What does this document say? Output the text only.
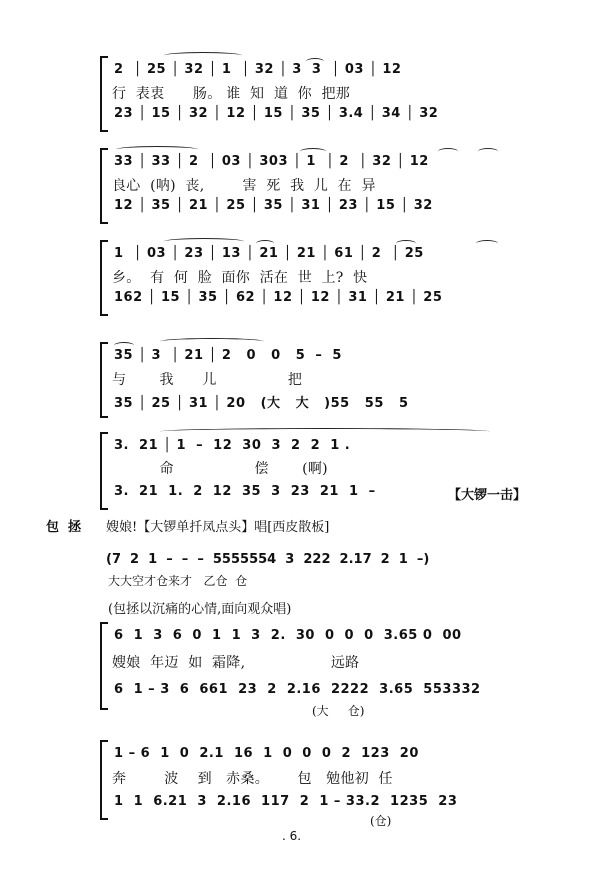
2  │ 25 │ 32 │ 1  │ 32 │ 3  3  │ 03 │ 12
行  表衷      肠。 谁  知  道  你  把那
23 │ 15 │ 32 │ 12 │ 15 │ 35 │ 3.4 │ 34 │ 32
33 │ 33 │ 2  │ 03 │ 303 │ 1  │ 2  │ 32 │ 12
良心  (呐)  丧,        害  死  我  儿  在  异
12 │ 35 │ 21 │ 25 │ 35 │ 31 │ 23 │ 15 │ 32
1  │ 03 │ 23 │ 13 │ 21 │ 21 │ 61 │ 2  │ 25
乡。  有  何  脸  面你  活在  世  上?  快
162 │ 15 │ 35 │ 62 │ 12 │ 12 │ 31 │ 21 │ 25
35 │ 3  │ 21 │ 2   0   0   5  –  5
与       我      儿               把
35 │ 25 │ 31 │ 20   (大   大   )55   55   5
3.  21 │ 1  –  12  30  3  2  2  1 .
命                 偿       (啊)
3.  21  1.  2  12  35  3  23  21  1  –	【大锣一击】
包  拯 嫂娘!【大锣单扦凤点头】唱[西皮散板]
(7  2  1  –  –  –  5555554  3  222  2.17  2  1  –)
大大空才仓来才   乙仓  仓
(包拯以沉痛的心情,面向观众唱)
6  1  3  6  0  1  1  3  2.  30  0  0  0  3.65 0  00
嫂娘  年迈  如  霜降,                  远路
6  1 – 3  6  661  23  2  2.16  2222  3.65  553332
(大     仓)
1 – 6  1  0  2.1  16  1  0  0  0  2  123  20
奔        波    到   赤桑。      包   勉他初  任
1  1  6.21  3  2.16  117  2  1 – 33.2  1235  23
(仓)
. 6.
